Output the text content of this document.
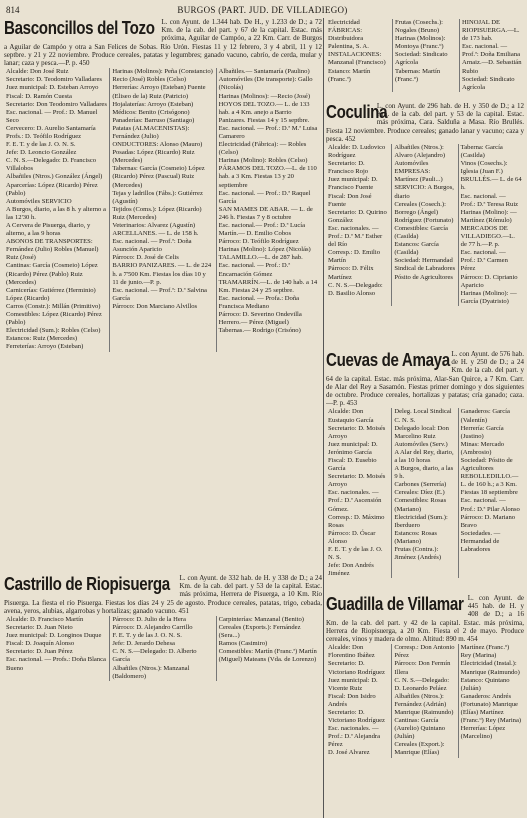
814	BURGOS (PART. JUD. DE VILLADIEGO)
Basconcillos del Tozo L. con Ayunt. de 1.344 hab. De H., y 1.233 de D.; a 72 Km. de la cab. del part. y 67 de la capital. Estac. más próxima, Aguilar de Campóo, a 22 Km. Carr. de Burgos a Aguilar de Campóo y otra a San Felices de Sobas. Río Urón. Fiestas 11 y 12 febrero, 3 y 4 abril, 11 y 12 septbre. y 21 y 22 noviembre. Produce cereales, patatas y legumbres; ganado vacuno, cabrío, de cerda, mular y lanar; caza y pesca.—P. p. 450

Alcalde: Don José Ruiz

Secretario: D. Teodomiro Valladares

Juez municipal: D. Esteban Arroyo

Fiscal: D. Ramón Cuesta

Secretario: Don Teodomiro Valladares

Esc. nacional. — Prof.: D. Manuel Seco

Cervecero: D. Aurelio Santamaría

Profs.: D. Teófilo Rodríguez

F. E. T. y de las J. O. N. S.

Jefe: D. Leoncio González

C. N. S.—Delegado: D. Francisco Villalobos

Albañiles (Ntros.) González (Ángel)

Aparcerías: López (Ricardo) Pérez (Pablo)

Automóviles SERVICIO

A Burgos, diario, a las 8 h. y alterno a las 12'30 h.

A Cervera de Pisuerga, diario, y alterno, a las 9 horas

ABONOS DE TRANSPORTES: Fernández (Julio) Robles (Manuel) Ruiz (José)

Cantinas: García (Cosmeio) López (Ricardo) Pérez (Pablo) Ruiz (Mercedes)

Carnicerías: Gutiérrez (Herminio) López (Ricardo)

Carros (Constr.): Millán (Primitivo)

Comestibles: López (Ricardo) Pérez (Pablo)

Electricidad (Sum.): Robles (Celso)

Estancos: Ruiz (Mercedes)

Ferreterías: Arroyo (Esteban)

Harinas (Molinos): Peña (Constancio) Recio (José) Robles (Celso)

Herrerías: Arroyo (Esteban) Fuente (Eliseo de la) Ruiz (Patricio)

Hojalaterías: Arroyo (Esteban)

Médicos: Benito (Crisógono)

Panaderías: Barruso (Santiago)

Patatas (ALMACENISTAS): Fernández (Julio)

ONDUCTORES: Alonso (Mauro)

Posadas: López (Ricardo) Ruiz (Mercedes)

Tabernas: García (Cosmeio) López (Ricardo) Pérez (Pascual) Ruiz (Mercedes)

Tejas y ladrillos (Fábs.): Gutiérrez (Agustín)

Tejidos (Coms.): López (Ricardo) Ruiz (Mercedes)

Veterinarios: Alvarez (Agustín)

ARCELLANES. — L. de 158 h.

Esc. nacional. — Prof.ª: Doña Asunción Aparicio

Párroco: D. José de Celis

BARRIO PANIZARES. — L. de 224 h. a 7'500 Km. Fiestas los días 10 y 11 de junio.—P. p.

Esc. nacional. — Prof.ª: D.ª Salvina García

Párroco: Don Marciano Alvillos

Albañiles.— Santamaría (Paulino)

Automóviles (De transporte): Gallo (Nicolás)

Harinas (Molinos): —Recio (José)

HOYOS DEL TOZO.— L. de 133 hab. a 4 Km. anejo a Barrio Panizares. Fiestas 14 y 15 septbre.

Esc. nacional. — Prof.: D.ª M.ª Luisa Camarero

Electricidad (Fábrica): — Robles (Celso)

Harinas (Molino): Robles (Celso)

PÁRAMOS DEL TOZO.—L. de 110 hab. a 3 Km. Fiestas 13 y 20 septiembre

Esc. nacional. — Prof.: D.ª Raquel García

SAN MAMES DE ABAR. — L. de 246 h. Fiestas 7 y 8 octubre

Esc. nacional.— Prof.: D.ª Lucía Martín.— D. Emilio Cobos

Párroco: D. Teófilo Rodríguez

Harinas (Molino): López (Nicolás)

TALAMILLO.—L. de 287 hab.

Esc. nacional. — Prof.: D.ª Encarnación Gómez

TRAMARRÍN.—L. de 140 hab. a 14 Km. Fiestas 24 y 25 septbre.

Esc. nacional. — Profa.: Doña Francisca Mediano

Párroco: D. Severino Ondevilla

Herrero.— Pérez (Miguel)

Tabernas.— Rodrigo (Crisóno)

Electricidad FÁBRICAS: Distribuidora Palentina, S. A.

INSTALACIONES: Manzanal (Francisco)

Estanco: Martín (Franc.ª)

Frutas (Cosechs.): Nogales (Bruno)

Harinas (Molinos): Montoya (Franc.º)

Sociedad: Sindicato Agrícola

Tabernas: Martín (Franc.º)

HINOJAL DE RIOPISUERGA.—L. de 173 hab.

Esc. nacional. — Prof.ª: Doña Emiliana Arnaiz.—D. Sebastián Rubio

Sociedad: Sindicato Agrícola

Coculina
L. con Ayunt. de 296 hab. de H. y 350 de D.; a 12 Km. de la cab. del part. y 53 de la capital. Estac. más próxima, Cara. Salduña a Masa. Río Brullés. Fiesta 12 noviembre. Produce cereales; ganado lanar y vacuno; caza y pesca. 452

Alcalde: D. Ludovico Rodríguez

Secretario: D. Francisco Rojo

Juez municipal: D. Francisco Fuente

Fiscal: Don José Fuente

Secretario: D. Quirino González

Esc. nacionales. — Prof.: D.ª M.ª Esther del Río

Corresp.: D. Emilio Martín

Párroco: D. Félix Martínez

C. N. S.—Delegado: D. Basilio Alonso

Albañiles (Ntros.): Alvaro (Alejandro)

Automóviles EMPRESAS: Martínez (Pauli...)

SERVICIO: A Burgos, diario

Cereales (Cosech.): Borrego (Ángel) Rodríguez (Fortunato)

Comestibles: García (Casilda)

Estancos: García (Casilda)

Sociedad: Hermandad Sindical de Labradores

Pósito de Agricultores

Taberna: García (Casilda)

Vinos (Cosechs.): Iglesia (Juan F.)

BRULLÉS.— L. de 64 h.

Esc. nacional. — Prof.: D.ª Teresa Ruiz

Harinas (Molino): —Martínez (Rómulo)

MERCADOS DE VILLADIEGO.—L. de 77 h.—P. p.

Esc. nacional. — Prof.: D.ª Carmen Pérez

Párroco: D. Ciprianio Aparicio

Harinas (Molino): —García (Dyatristo)

Cuevas de Amaya L. con Ayunt. de 576 hab. de H. y 250 de D.; a 24 Km. de la cab. del part. y 64 de la capital. Estac. más próxima, Alar-San Quirce, a 7 Km. Carr. de Alar del Rey a Sasamón. Fiestas primer domingo y dos siguientes de octubre. Produce cereales, hortalizas y patatas; cría ganado; caza.—P. p. 453

Alcalde: Don Eustaquio García

Secretario: D. Moisés Arroyo

Juez municipal: D. Jerónimo García

Fiscal: D. Eusebio García

Secretario: D. Moisés Arroyo

Esc. nacionales. — Prof.: D.ª Ascensión Gómez.

Corresp.: D. Máximo Rosas

Párroco: D. Óscar Alonso

F. E. T. y de las J. O. N. S.

Jefe: Don Andrés Jiménez

Deleg. Local Sindical C. N. S.

Delegado local: Don Marcelino Ruiz

Automóviles (Serv.)

A Alar del Rey, diario, a las 10 horas

A Burgos, diario, a las 9 h.

Carbones (Serrería)

Cereales: Díez (E.)

Comestibles: Rosas (Mariano)

Electricidad (Sum.): Iberduero

Estancos: Rosas (Mariano)

Frutas (Contra.): Jiménez (Andrés)

Ganaderos: García (Valentín)

Herrería: García (Justino)

Minas: Mercado (Ambrosio)

Sociedad: Pósito de Agricultores

REBOLLEDILLO.—L. de 160 h.; a 3 Km. Fiestas 18 septiembre

Esc. nacional. — Prof.: D.ª Pilar Alonso

Párroco: D. Mariano Bravo

Sociedades. — Hermandad de Labradores

Castrillo de Riopisuerga	L. con Ayunt. de 332 hab. de H. y 338 de D.; a 24 Km. de la cab. del part. y 53 de la capital. Estac. más próxima, Herrera de Pisuerga, a 10 Km. Río Pisuerga. La fiesta el río Pisuerga. Fiestas los días 24 y 25 de agosto. Produce cereales, patatas, trigo, cebada, avena, yeros, alubias, algarrobas y hortalizas; ganado vacuno. 451

Alcalde: D. Francisco Martín

Secretario: D. Juan Nieto

Juez municipal: D. Longinos Duque

Fiscal: D. Joaquín Alonso

Secretario: D. Juan Pérez

Esc. nacional. — Profs.: Doña Blanca Bueno

Párroco: D. Julio de la Hera

Párroco: D. Alejandro Carrillo

F. E. T. y de las J. O. N. S.

Jefe: D. Jerardo Dehesa

C. N. S.—Delegado: D. Alberto García

Albañiles (Ntros.): Manzanal (Baldomero)

Carpinterías: Manzanal (Benito)

Cereales (Exports.): Fernández (Sera...)

Ramos (Casimiro)

Comestibles: Martín (Franc.ª) Martín (Miguel) Mateans (Vda. de Lorenzo)

Guadilla de Villamar L. con Ayunt. de 445 hab. de H. y 408 de D.; a 16 Km. de la cab. del part. y 42 de la capital. Estac. más próxima, Herrera de Riopisuerga, a 20 Km. Fiesta el 2 de mayo. Produce cereales, vinos y madera de olmo. Altitud: 890 m. 454

Alcalde: Don Florentino Ibáñez

Secretario: D. Victoriano Rodríguez

Juez municipal: D. Vicente Ruiz

Fiscal: Don Isidro Andrés

Secretario: D. Victoriano Rodríguez

Esc. nacionales. — Prof.: D.ª Alejandra Pérez

D. José Alvarez

Corresp.: Don Antonio Pérez

Párroco: Don Fermín Illera

C. N. S.—Delegado: D. Leonardo Peláez

Albañiles (Ntros.): Fernández (Adrián) Manrique (Raimundo)

Cantinas: García (Aurelio) Quintano (Julián)

Cereales (Export.): Manrique (Elías)

Martínez (Franc.º)

Rey (Marina)

Electricidad (Instal.): Manrique (Raimundo)

Estanco: Quintano (Julián)

Ganaderos: Andrés (Fortunato) Manrique (Elías) Martínez (Franc.º) Rey (Marina)

Herrerías: López (Marcelino)
